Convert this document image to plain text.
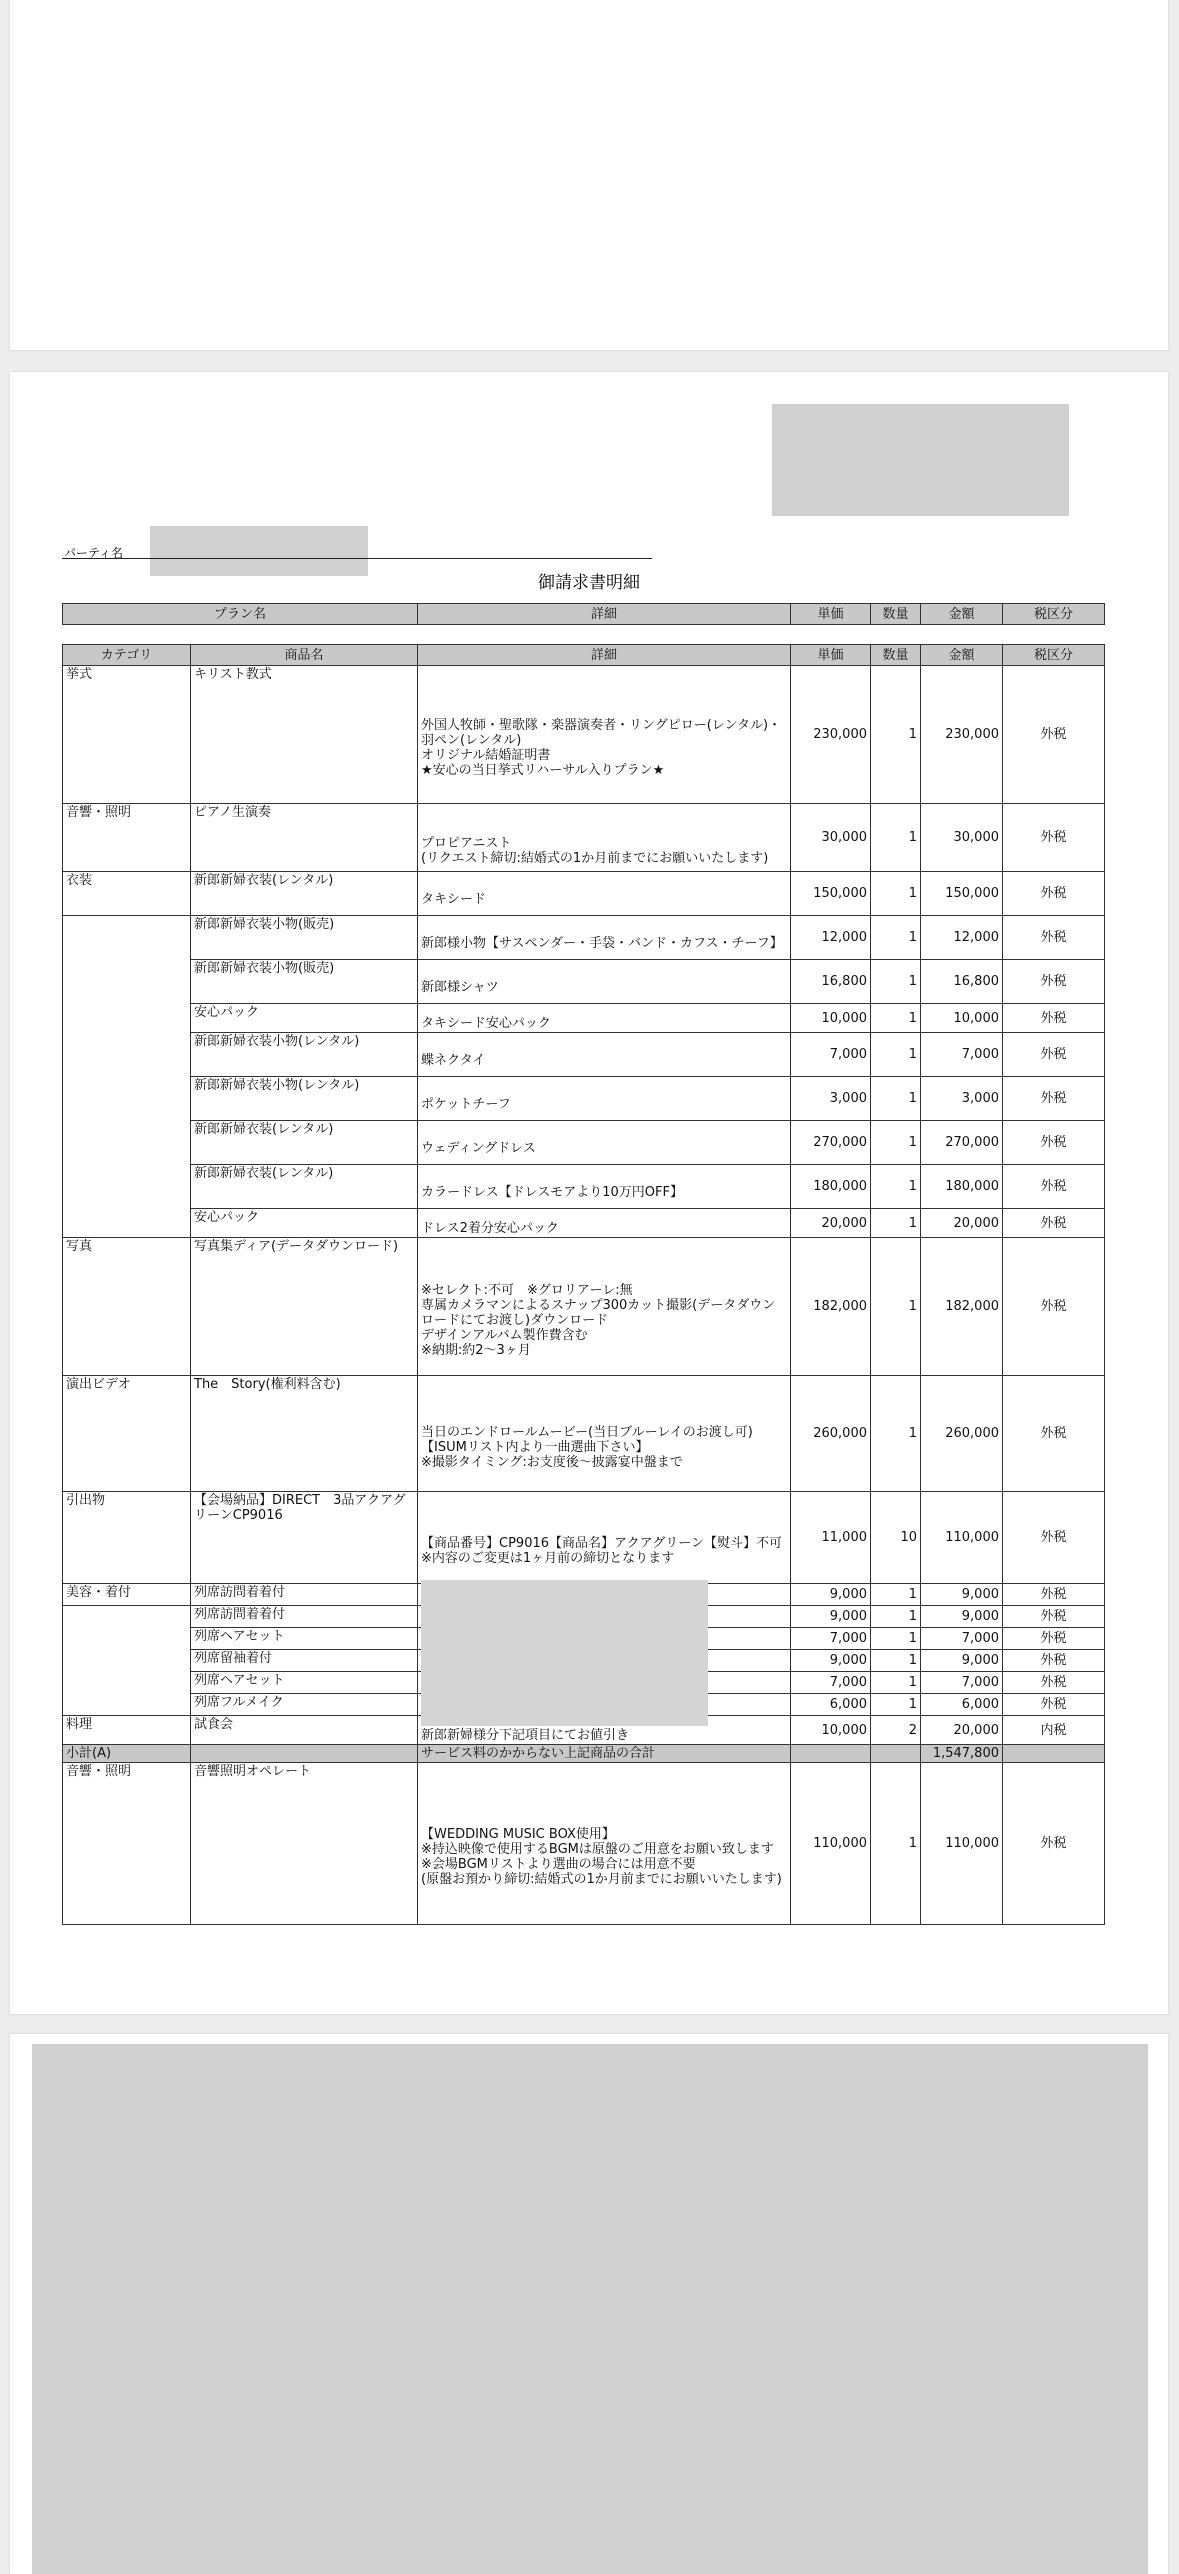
パーティ名
御請求書明細
プラン名	詳細	単価	数量	金額	税区分
カテゴリ	商品名	詳細	単価	数量	金額	税区分
挙式	キリスト教式	外国人牧師・聖歌隊・楽器演奏者・リングピロー(レンタル)・羽ペン(レンタル)
オリジナル結婚証明書
★安心の当日挙式リハーサル入りプラン★	230,000	1	230,000	外税
音響・照明	ピアノ生演奏	プロピアニスト
(リクエスト締切:結婚式の1か月前までにお願いいたします)	30,000	1	30,000	外税
衣装	新郎新婦衣装(レンタル)	タキシード	150,000	1	150,000	外税
	新郎新婦衣装小物(販売)	新郎様小物【サスペンダー・手袋・バンド・カフス・チーフ】	12,000	1	12,000	外税
	新郎新婦衣装小物(販売)	新郎様シャツ	16,800	1	16,800	外税
	安心パック	タキシード安心パック	10,000	1	10,000	外税
	新郎新婦衣装小物(レンタル)	蝶ネクタイ	7,000	1	7,000	外税
	新郎新婦衣装小物(レンタル)	ポケットチーフ	3,000	1	3,000	外税
	新郎新婦衣装(レンタル)	ウェディングドレス	270,000	1	270,000	外税
	新郎新婦衣装(レンタル)	カラードレス【ドレスモアより10万円OFF】	180,000	1	180,000	外税
	安心パック	ドレス2着分安心パック	20,000	1	20,000	外税
写真	写真集ディア(データダウンロード)	※セレクト:不可　※グロリアーレ:無
専属カメラマンによるスナップ300カット撮影(データダウンロードにてお渡し)ダウンロード
デザインアルバム製作費含む
※納期:約2〜3ヶ月	182,000	1	182,000	外税
演出ビデオ	The　Story(権利料含む)	当日のエンドロールムービー(当日ブルーレイのお渡し可)
【ISUMリスト内より一曲選曲下さい】
※撮影タイミング:お支度後〜披露宴中盤まで	260,000	1	260,000	外税
引出物	【会場納品】DIRECT　3品アクアグリーンCP9016	【商品番号】CP9016【商品名】アクアグリーン【熨斗】不可
※内容のご変更は1ヶ月前の締切となります	11,000	10	110,000	外税
美容・着付	列席訪問着着付		9,000	1	9,000	外税
	列席訪問着着付		9,000	1	9,000	外税
	列席ヘアセット		7,000	1	7,000	外税
	列席留袖着付		9,000	1	9,000	外税
	列席ヘアセット		7,000	1	7,000	外税
	列席フルメイク		6,000	1	6,000	外税
料理	試食会	新郎新婦様分下記項目にてお値引き	10,000	2	20,000	内税
小計(A)		サービス料のかからない上記商品の合計			1,547,800	
音響・照明	音響照明オペレート	【WEDDING MUSIC BOX使用】
※持込映像で使用するBGMは原盤のご用意をお願い致します
※会場BGMリストより選曲の場合には用意不要
(原盤お預かり締切:結婚式の1か月前までにお願いいたします)	110,000	1	110,000	外税
